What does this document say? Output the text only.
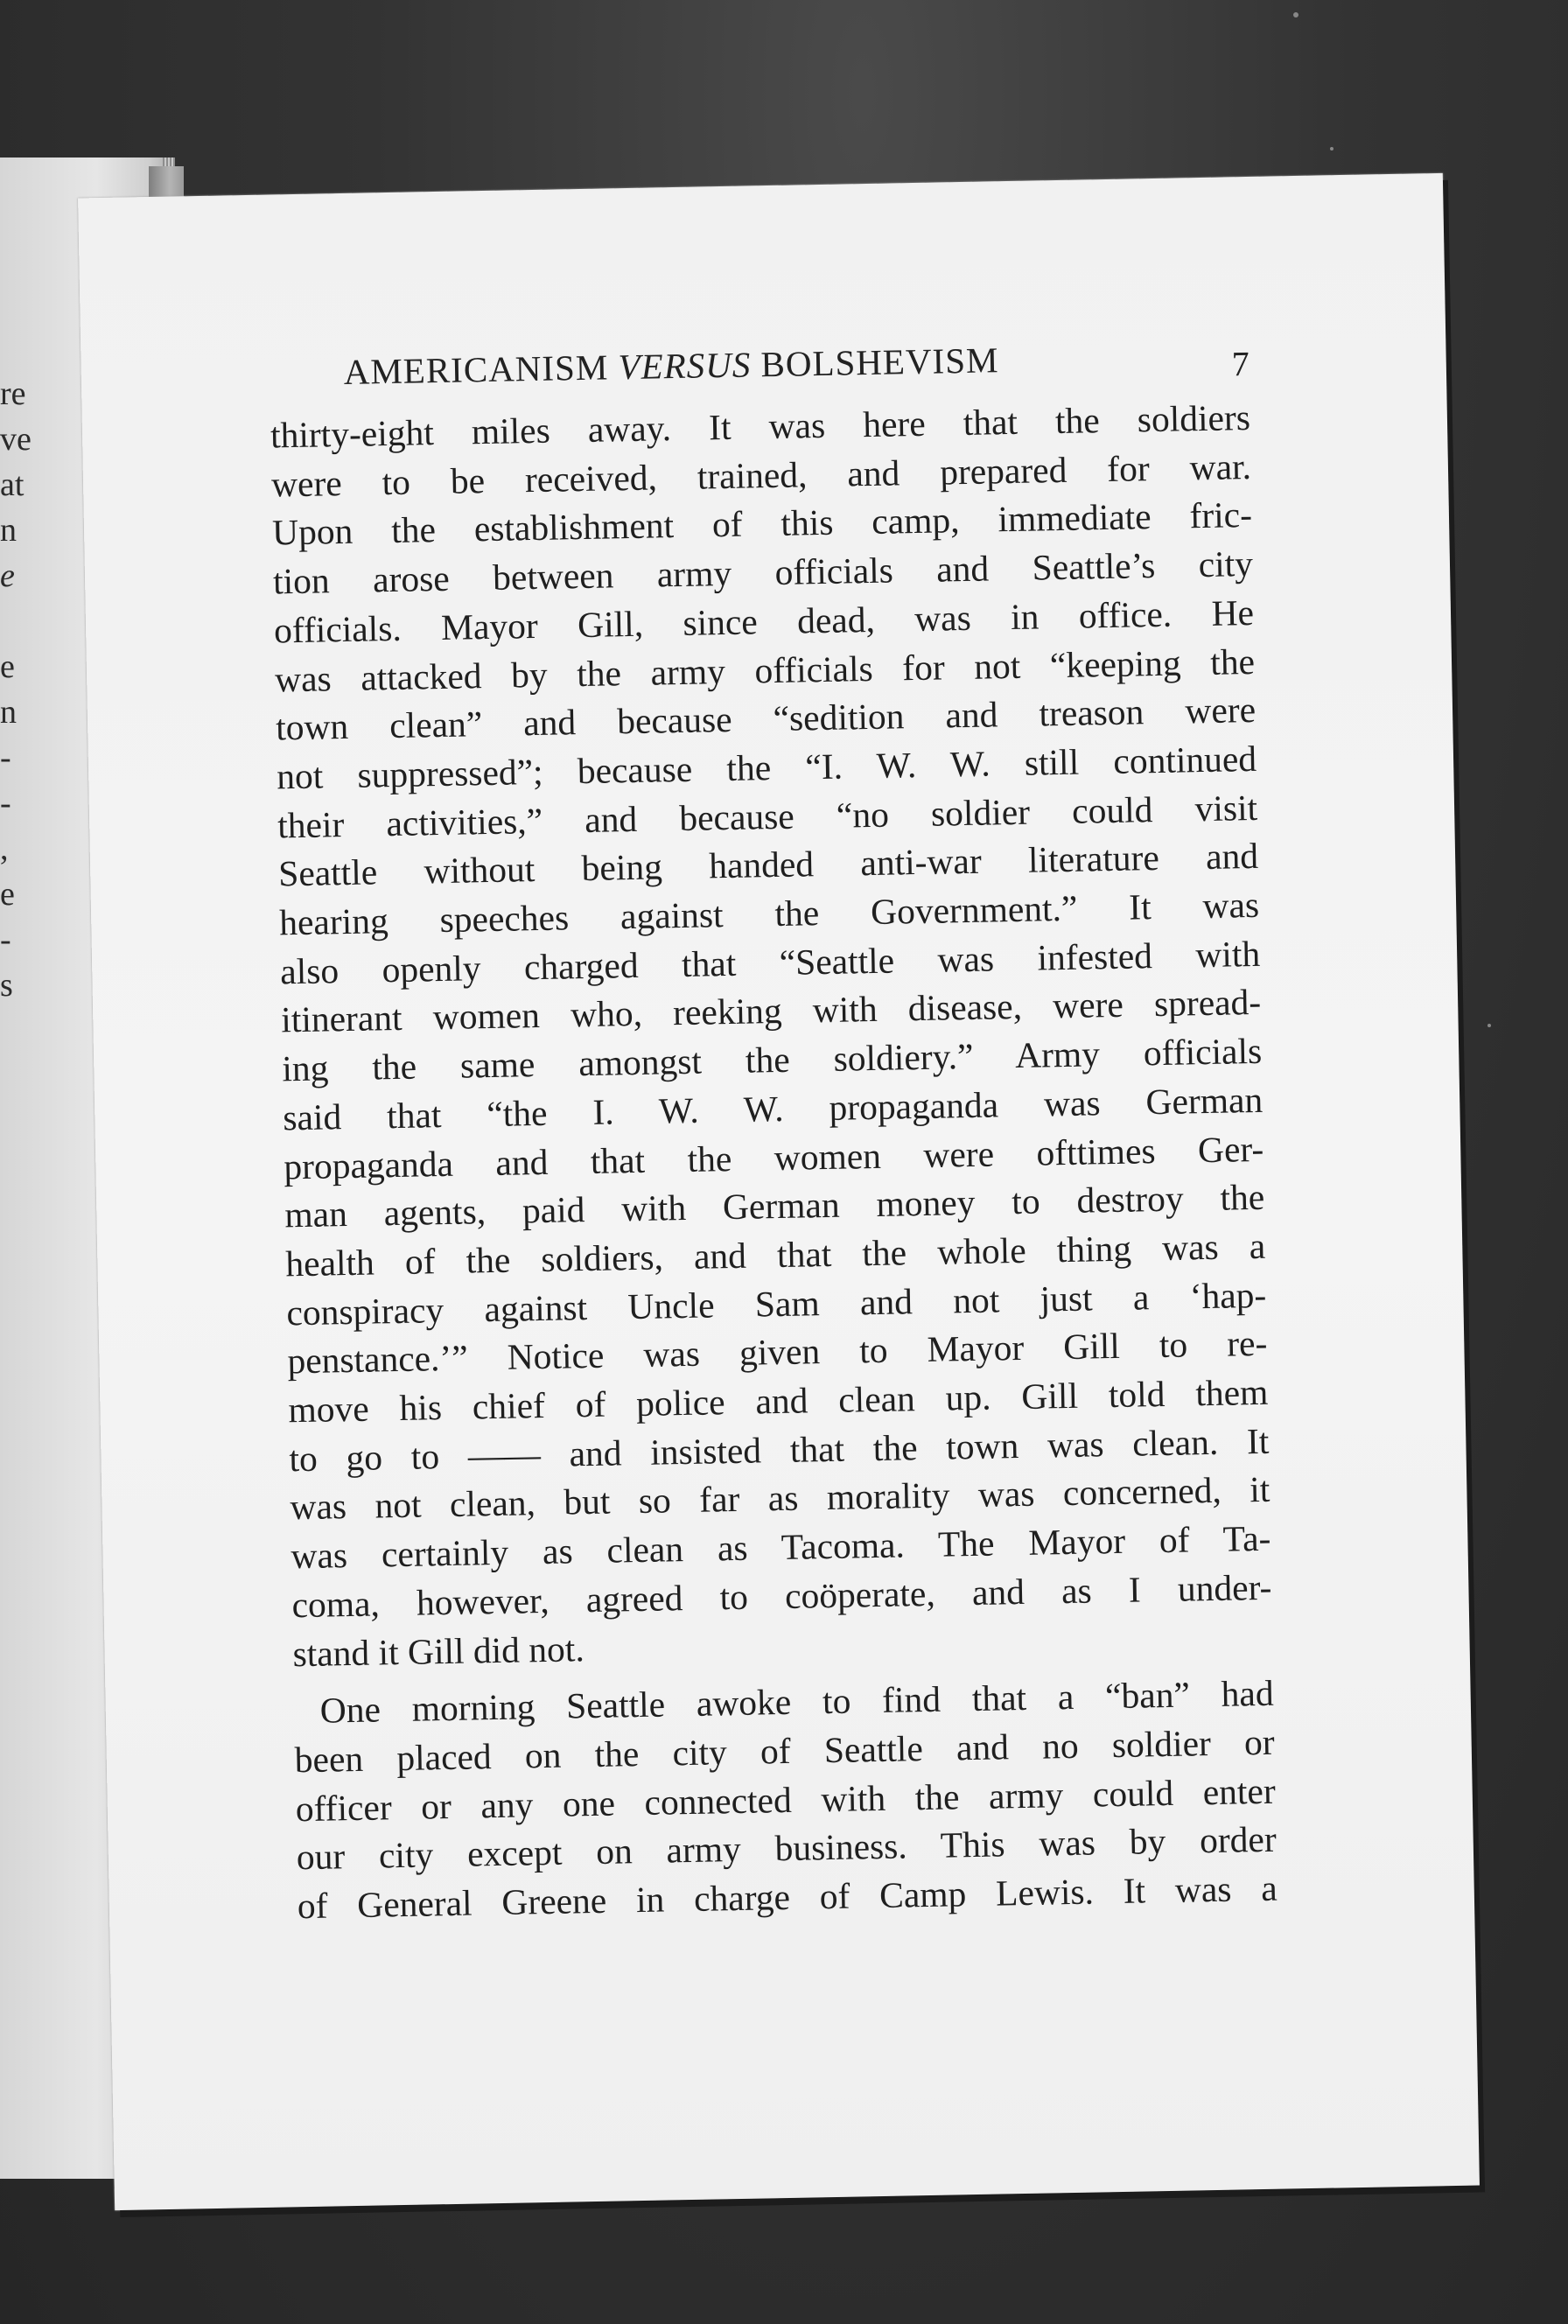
re
ve
at
n
e
e
n
-
-
,
e
-
s
AMERICANISM VERSUS BOLSHEVISM	7
thirty-eight miles away. It was here that the soldiers
were to be received, trained, and prepared for war.
Upon the establishment of this camp, immediate fric-
tion arose between army officials and Seattle’s city
officials. Mayor Gill, since dead, was in office. He
was attacked by the army officials for not “keeping the
town clean” and because “sedition and treason were
not suppressed”; because the “I. W. W. still continued
their activities,” and because “no soldier could visit
Seattle without being handed anti-war literature and
hearing speeches against the Government.” It was
also openly charged that “Seattle was infested with
itinerant women who, reeking with disease, were spread-
ing the same amongst the soldiery.” Army officials
said that “the I. W. W. propaganda was German
propaganda and that the women were ofttimes Ger-
man agents, paid with German money to destroy the
health of the soldiers, and that the whole thing was a
conspiracy against Uncle Sam and not just a ‘hap-
penstance.’” Notice was given to Mayor Gill to re-
move his chief of police and clean up. Gill told them
to go to —— and insisted that the town was clean. It
was not clean, but so far as morality was concerned, it
was certainly as clean as Tacoma. The Mayor of Ta-
coma, however, agreed to coöperate, and as I under-
stand it Gill did not.
One morning Seattle awoke to find that a “ban” had
been placed on the city of Seattle and no soldier or
officer or any one connected with the army could enter
our city except on army business. This was by order
of General Greene in charge of Camp Lewis. It was a
